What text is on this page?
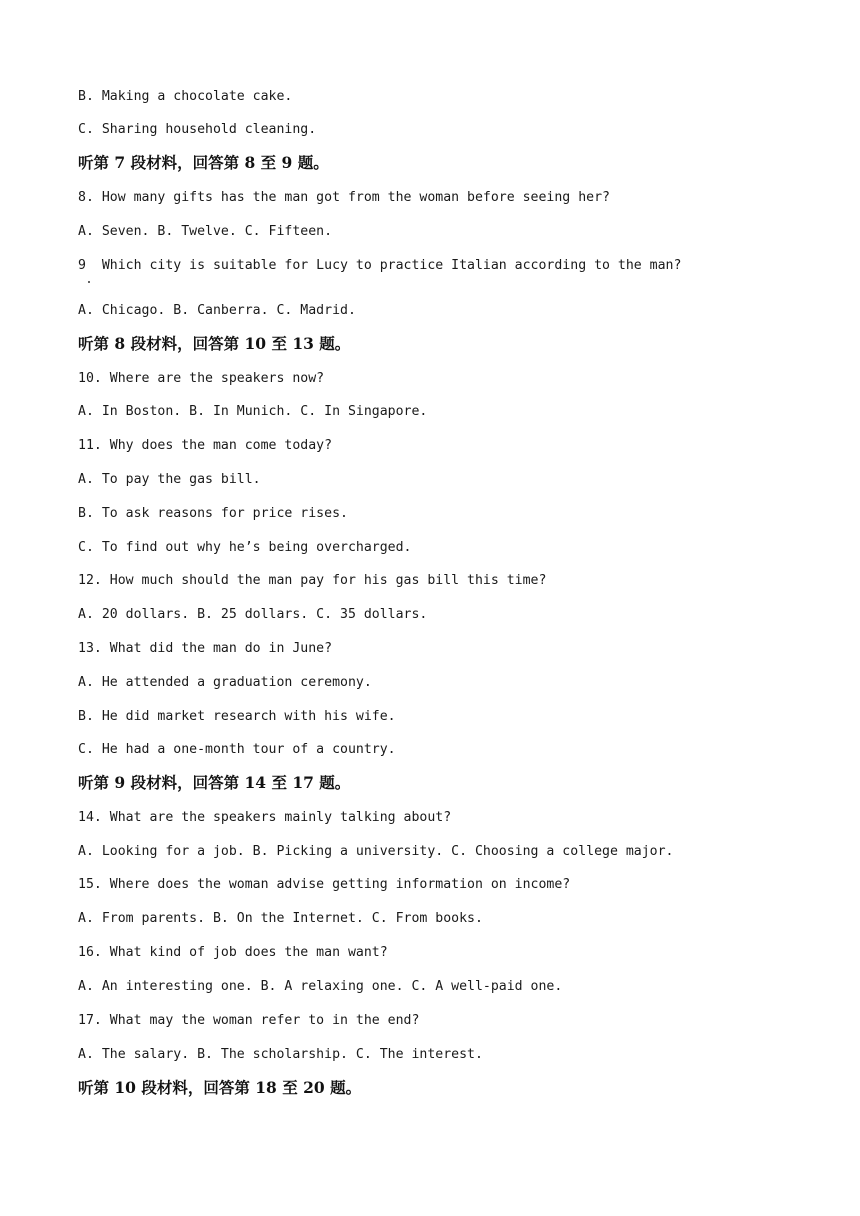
B. Making a chocolate cake.
C. Sharing household cleaning.
听第 7 段材料，回答第 8 至 9 题。
8. How many gifts has the man got from the woman before seeing her?
A. Seven. B. Twelve. C. Fifteen.
9  Which city is suitable for Lucy to practice Italian according to the man?
A. Chicago. B. Canberra. C. Madrid.
听第 8 段材料，回答第 10 至 13 题。
10. Where are the speakers now?
A. In Boston. B. In Munich. C. In Singapore.
11. Why does the man come today?
A. To pay the gas bill.
B. To ask reasons for price rises.
C. To find out why he’s being overcharged.
12. How much should the man pay for his gas bill this time?
A. 20 dollars. B. 25 dollars. C. 35 dollars.
13. What did the man do in June?
A. He attended a graduation ceremony.
B. He did market research with his wife.
C. He had a one-month tour of a country.
听第 9 段材料，回答第 14 至 17 题。
14. What are the speakers mainly talking about?
A. Looking for a job. B. Picking a university. C. Choosing a college major.
15. Where does the woman advise getting information on income?
A. From parents. B. On the Internet. C. From books.
16. What kind of job does the man want?
A. An interesting one. B. A relaxing one. C. A well-paid one.
17. What may the woman refer to in the end?
A. The salary. B. The scholarship. C. The interest.
听第 10 段材料，回答第 18 至 20 题。
